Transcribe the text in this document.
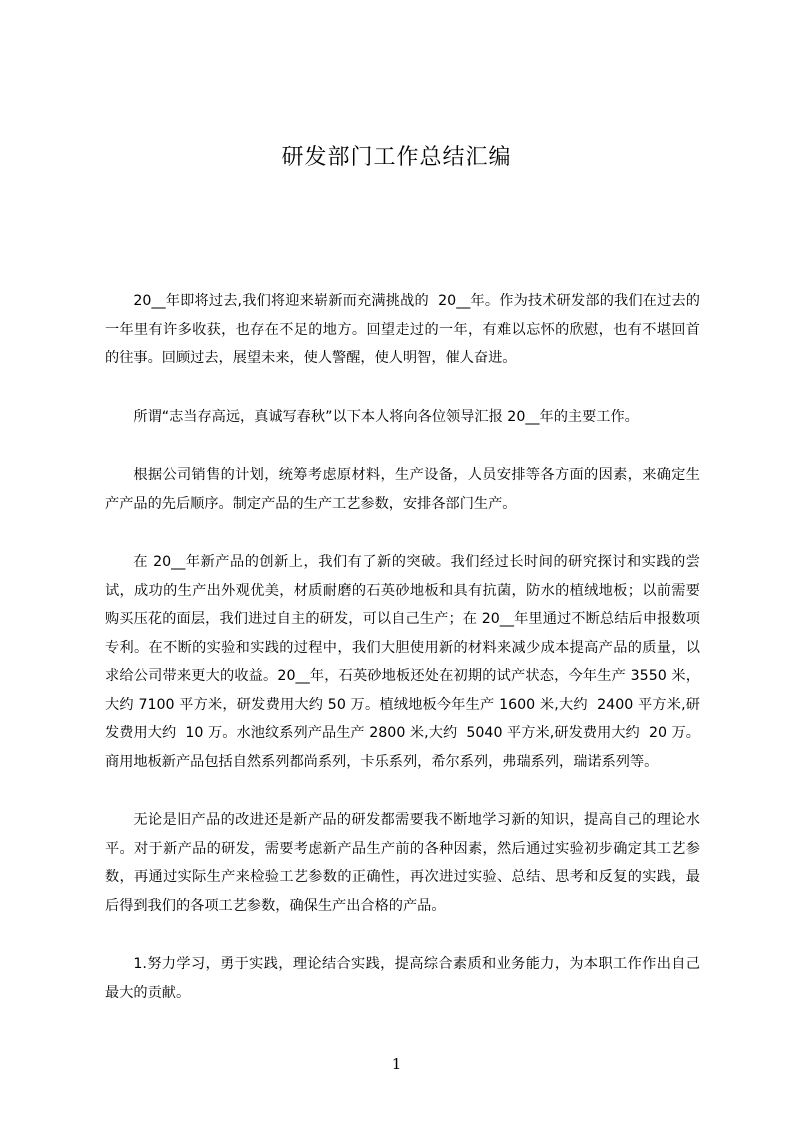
研发部门工作总结汇编

20__年即将过去,我们将迎来崭新而充满挑战的  20__年。作为技术研发部的我们在过去的一年里有许多收获，也存在不足的地方。回望走过的一年，有难以忘怀的欣慰，也有不堪回首的往事。回顾过去，展望未来，使人警醒，使人明智，催人奋进。

所谓“志当存高远，真诚写春秋”以下本人将向各位领导汇报 20__年的主要工作。

根据公司销售的计划，统筹考虑原材料，生产设备，人员安排等各方面的因素，来确定生产产品的先后顺序。制定产品的生产工艺参数，安排各部门生产。

在 20__年新产品的创新上，我们有了新的突破。我们经过长时间的研究探讨和实践的尝试，成功的生产出外观优美，材质耐磨的石英砂地板和具有抗菌，防水的植绒地板；以前需要购买压花的面层，我们进过自主的研发，可以自己生产；在 20__年里通过不断总结后申报数项专利。在不断的实验和实践的过程中，我们大胆使用新的材料来减少成本提高产品的质量，以求给公司带来更大的收益。20__年，石英砂地板还处在初期的试产状态，今年生产 3550 米，大约 7100 平方米，研发费用大约 50 万。植绒地板今年生产 1600 米,大约  2400 平方米,研发费用大约  10 万。水池纹系列产品生产 2800 米,大约  5040 平方米,研发费用大约  20 万。商用地板新产品包括自然系列都尚系列，卡乐系列，希尔系列，弗瑞系列，瑞诺系列等。

无论是旧产品的改进还是新产品的研发都需要我不断地学习新的知识，提高自己的理论水平。对于新产品的研发，需要考虑新产品生产前的各种因素，然后通过实验初步确定其工艺参数，再通过实际生产来检验工艺参数的正确性，再次进过实验、总结、思考和反复的实践，最后得到我们的各项工艺参数，确保生产出合格的产品。

1.努力学习，勇于实践，理论结合实践，提高综合素质和业务能力，为本职工作作出自己最大的贡献。

1
